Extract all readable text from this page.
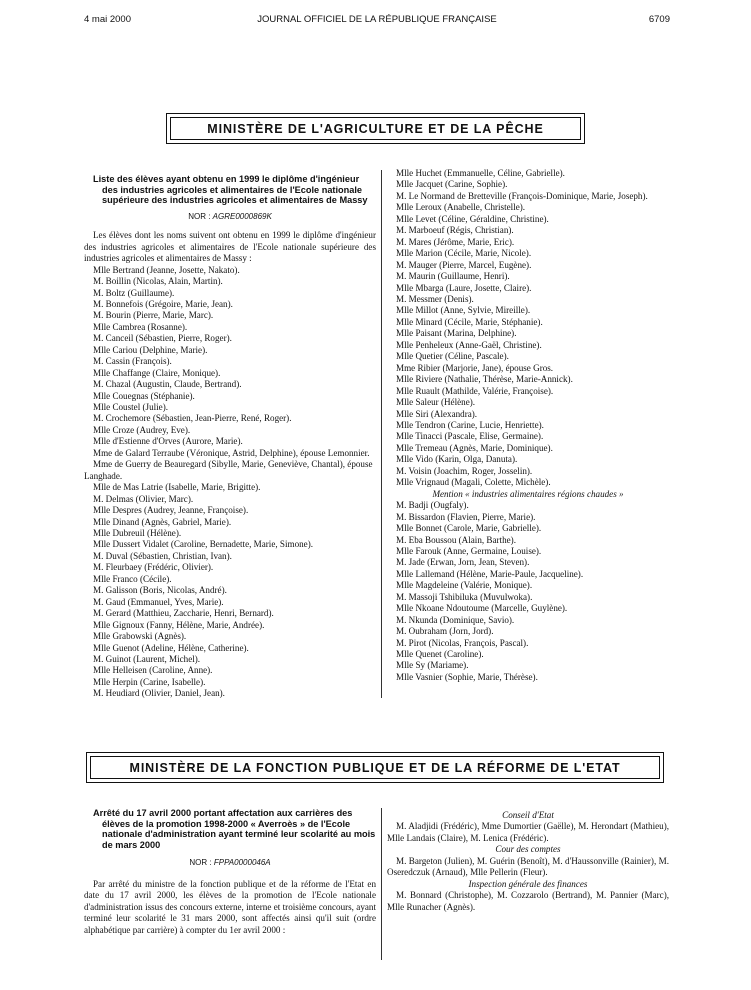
4 mai 2000	JOURNAL OFFICIEL DE LA RÉPUBLIQUE FRANÇAISE	6709
MINISTÈRE DE L'AGRICULTURE ET DE LA PÊCHE
Liste des élèves ayant obtenu en 1999 le diplôme d'ingénieur des industries agricoles et alimentaires de l'Ecole nationale supérieure des industries agricoles et alimentaires de Massy
NOR : AGRE0000869K

Les élèves dont les noms suivent ont obtenu en 1999 le diplôme d'ingénieur des industries agricoles et alimentaires de l'Ecole nationale supérieure des industries agricoles et alimentaires de Massy :

Mlle Bertrand (Jeanne, Josette, Nakato).

M. Boillin (Nicolas, Alain, Martin).

M. Boltz (Guillaume).

M. Bonnefois (Grégoire, Marie, Jean).

M. Bourin (Pierre, Marie, Marc).

Mlle Cambrea (Rosanne).

M. Canceil (Sébastien, Pierre, Roger).

Mlle Cariou (Delphine, Marie).

M. Cassin (François).

Mlle Chaffange (Claire, Monique).

M. Chazal (Augustin, Claude, Bertrand).

Mlle Couegnas (Stéphanie).

Mlle Coustel (Julie).

M. Crochemore (Sébastien, Jean-Pierre, René, Roger).

Mlle Croze (Audrey, Eve).

Mlle d'Estienne d'Orves (Aurore, Marie).

Mme de Galard Terraube (Véronique, Astrid, Delphine), épouse Lemonnier.

Mme de Guerry de Beauregard (Sibylle, Marie, Geneviève, Chantal), épouse Langhade.

Mlle de Mas Latrie (Isabelle, Marie, Brigitte).

M. Delmas (Olivier, Marc).

Mlle Despres (Audrey, Jeanne, Françoise).

Mlle Dinand (Agnès, Gabriel, Marie).

Mlle Dubreuil (Hélène).

Mlle Dussert Vidalet (Caroline, Bernadette, Marie, Simone).

M. Duval (Sébastien, Christian, Ivan).

M. Fleurbaey (Frédéric, Olivier).

Mlle Franco (Cécile).

M. Galisson (Boris, Nicolas, André).

M. Gaud (Emmanuel, Yves, Marie).

M. Gerard (Matthieu, Zaccharie, Henri, Bernard).

Mlle Gignoux (Fanny, Hélène, Marie, Andrée).

Mlle Grabowski (Agnès).

Mlle Guenot (Adeline, Hélène, Catherine).

M. Guinot (Laurent, Michel).

Mlle Helleisen (Caroline, Anne).

Mlle Herpin (Carine, Isabelle).

M. Heudiard (Olivier, Daniel, Jean).

Mlle Huchet (Emmanuelle, Céline, Gabrielle).

Mlle Jacquet (Carine, Sophie).

M. Le Normand de Bretteville (François-Dominique, Marie, Joseph).

Mlle Leroux (Anabelle, Christelle).

Mlle Levet (Céline, Géraldine, Christine).

M. Marboeuf (Régis, Christian).

M. Mares (Jérôme, Marie, Eric).

Mlle Marion (Cécile, Marie, Nicole).

M. Mauger (Pierre, Marcel, Eugène).

M. Maurin (Guillaume, Henri).

Mlle Mbarga (Laure, Josette, Claire).

M. Messmer (Denis).

Mlle Millot (Anne, Sylvie, Mireille).

Mlle Minard (Cécile, Marie, Stéphanie).

Mlle Paisant (Marina, Delphine).

Mlle Penheleux (Anne-Gaël, Christine).

Mlle Quetier (Céline, Pascale).

Mme Ribier (Marjorie, Jane), épouse Gros.

Mlle Riviere (Nathalie, Thérèse, Marie-Annick).

Mlle Ruault (Mathilde, Valérie, Françoise).

Mlle Saleur (Hélène).

Mlle Siri (Alexandra).

Mlle Tendron (Carine, Lucie, Henriette).

Mlle Tinacci (Pascale, Elise, Germaine).

Mlle Tremeau (Agnès, Marie, Dominique).

Mlle Vido (Karin, Olga, Danuta).

M. Voisin (Joachim, Roger, Josselin).

Mlle Vrignaud (Magali, Colette, Michèle).

Mention « industries alimentaires régions chaudes »

M. Badji (Ougfaly).

M. Bissardon (Flavien, Pierre, Marie).

Mlle Bonnet (Carole, Marie, Gabrielle).

M. Eba Boussou (Alain, Barthe).

Mlle Farouk (Anne, Germaine, Louise).

M. Jade (Erwan, Jorn, Jean, Steven).

Mlle Lallemand (Hélène, Marie-Paule, Jacqueline).

Mlle Magdeleine (Valérie, Monique).

M. Massoji Tshibiluka (Muvulwoka).

Mlle Nkoane Ndoutoume (Marcelle, Guylène).

M. Nkunda (Dominique, Savio).

M. Oubraham (Jorn, Jord).

M. Pirot (Nicolas, François, Pascal).

Mlle Quenet (Caroline).

Mlle Sy (Mariame).

Mlle Vasnier (Sophie, Marie, Thérèse).

MINISTÈRE DE LA FONCTION PUBLIQUE ET DE LA RÉFORME DE L'ETAT
Arrêté du 17 avril 2000 portant affectation aux carrières des élèves de la promotion 1998-2000 « Averroès » de l'Ecole nationale d'administration ayant terminé leur scolarité au mois de mars 2000
NOR : FPPA0000046A

Par arrêté du ministre de la fonction publique et de la réforme de l'Etat en date du 17 avril 2000, les élèves de la promotion de l'Ecole nationale d'administration issus des concours externe, interne et troisième concours, ayant terminé leur scolarité le 31 mars 2000, sont affectés ainsi qu'il suit (ordre alphabétique par carrière) à compter du 1er avril 2000 :

Conseil d'Etat

M. Aladjidi (Frédéric), Mme Dumortier (Gaëlle), M. Herondart (Mathieu), Mlle Landais (Claire), M. Lenica (Frédéric).

Cour des comptes

M. Bargeton (Julien), M. Guérin (Benoît), M. d'Haussonville (Rainier), M. Oseredczuk (Arnaud), Mlle Pellerin (Fleur).

Inspection générale des finances

M. Bonnard (Christophe), M. Cozzarolo (Bertrand), M. Pannier (Marc), Mlle Runacher (Agnès).
